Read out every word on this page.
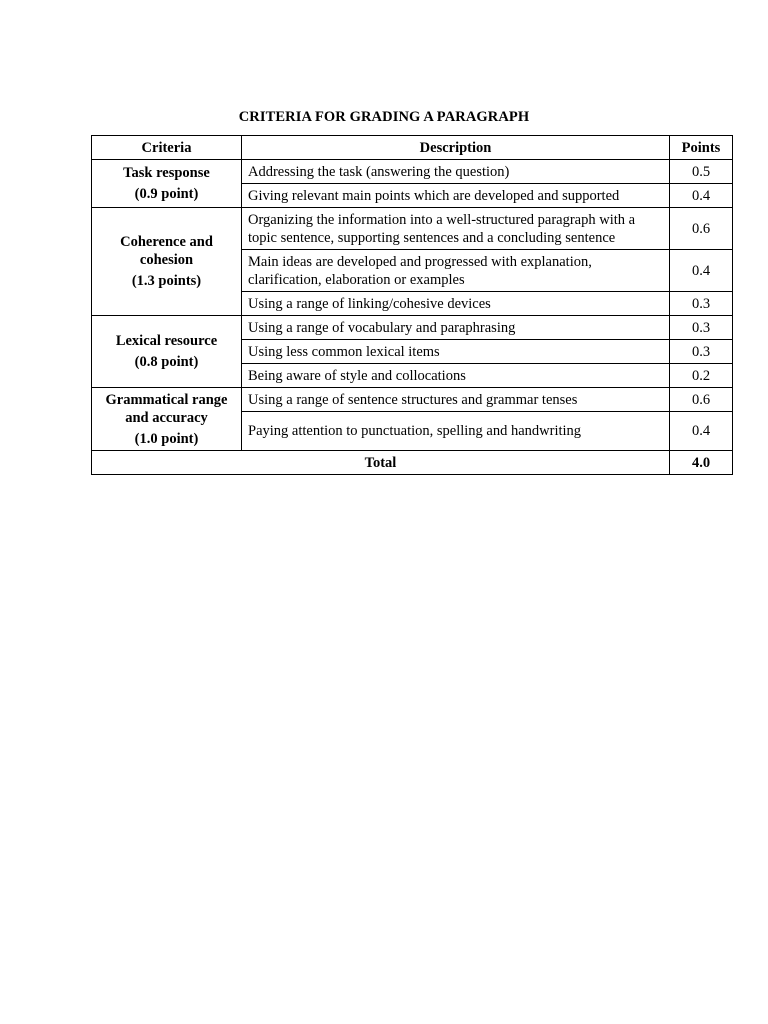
CRITERIA FOR GRADING A PARAGRAPH
Criteria	Description	Points

Task response
(0.9 point)	Addressing the task (answering the question)	0.5
	Giving relevant main points which are developed and supported	0.4

Coherence and cohesion
(1.3 points)	Organizing the information into a well-structured paragraph with a topic sentence, supporting sentences and a concluding sentence	0.6
	Main ideas are developed and progressed with explanation, clarification, elaboration or examples	0.4
	Using a range of linking/cohesive devices	0.3

Lexical resource
(0.8 point)	Using a range of vocabulary and paraphrasing	0.3
	Using less common lexical items	0.3
	Being aware of style and collocations	0.2

Grammatical range and accuracy
(1.0 point)	Using a range of sentence structures and grammar tenses	0.6
	Paying attention to punctuation, spelling and handwriting	0.4
Total		4.0
